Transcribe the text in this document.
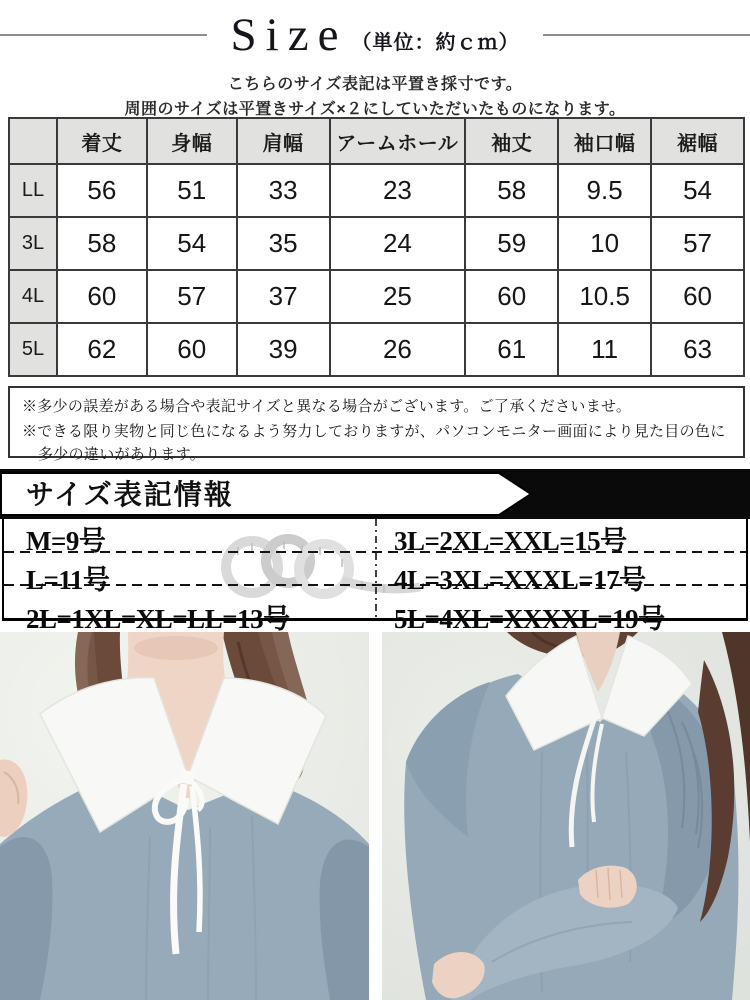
Size （単位：約ｃｍ）

こちらのサイズ表記は平置き採寸です。

周囲のサイズは平置きサイズ×２にしていただいたものになります。

	着丈	身幅	肩幅	アームホール	袖丈	袖口幅	裾幅
LL	56	51	33	23	58	9.5	54
3L	58	54	35	24	59	10	57
4L	60	57	37	25	60	10.5	60
5L	62	60	39	26	61	11	63

※多少の誤差がある場合や表記サイズと異なる場合がございます。ご了承くださいませ。

※できる限り実物と同じ色になるよう努力しておりますが、パソコンモニター画面により見た目の色に多少の違いがあります。

サイズ表記情報
M=9号	3L=2XL=XXL=15号
L=11号	4L=3XL=XXXL=17号
2L=1XL=XL=LL=13号	5L=4XL=XXXXL=19号
